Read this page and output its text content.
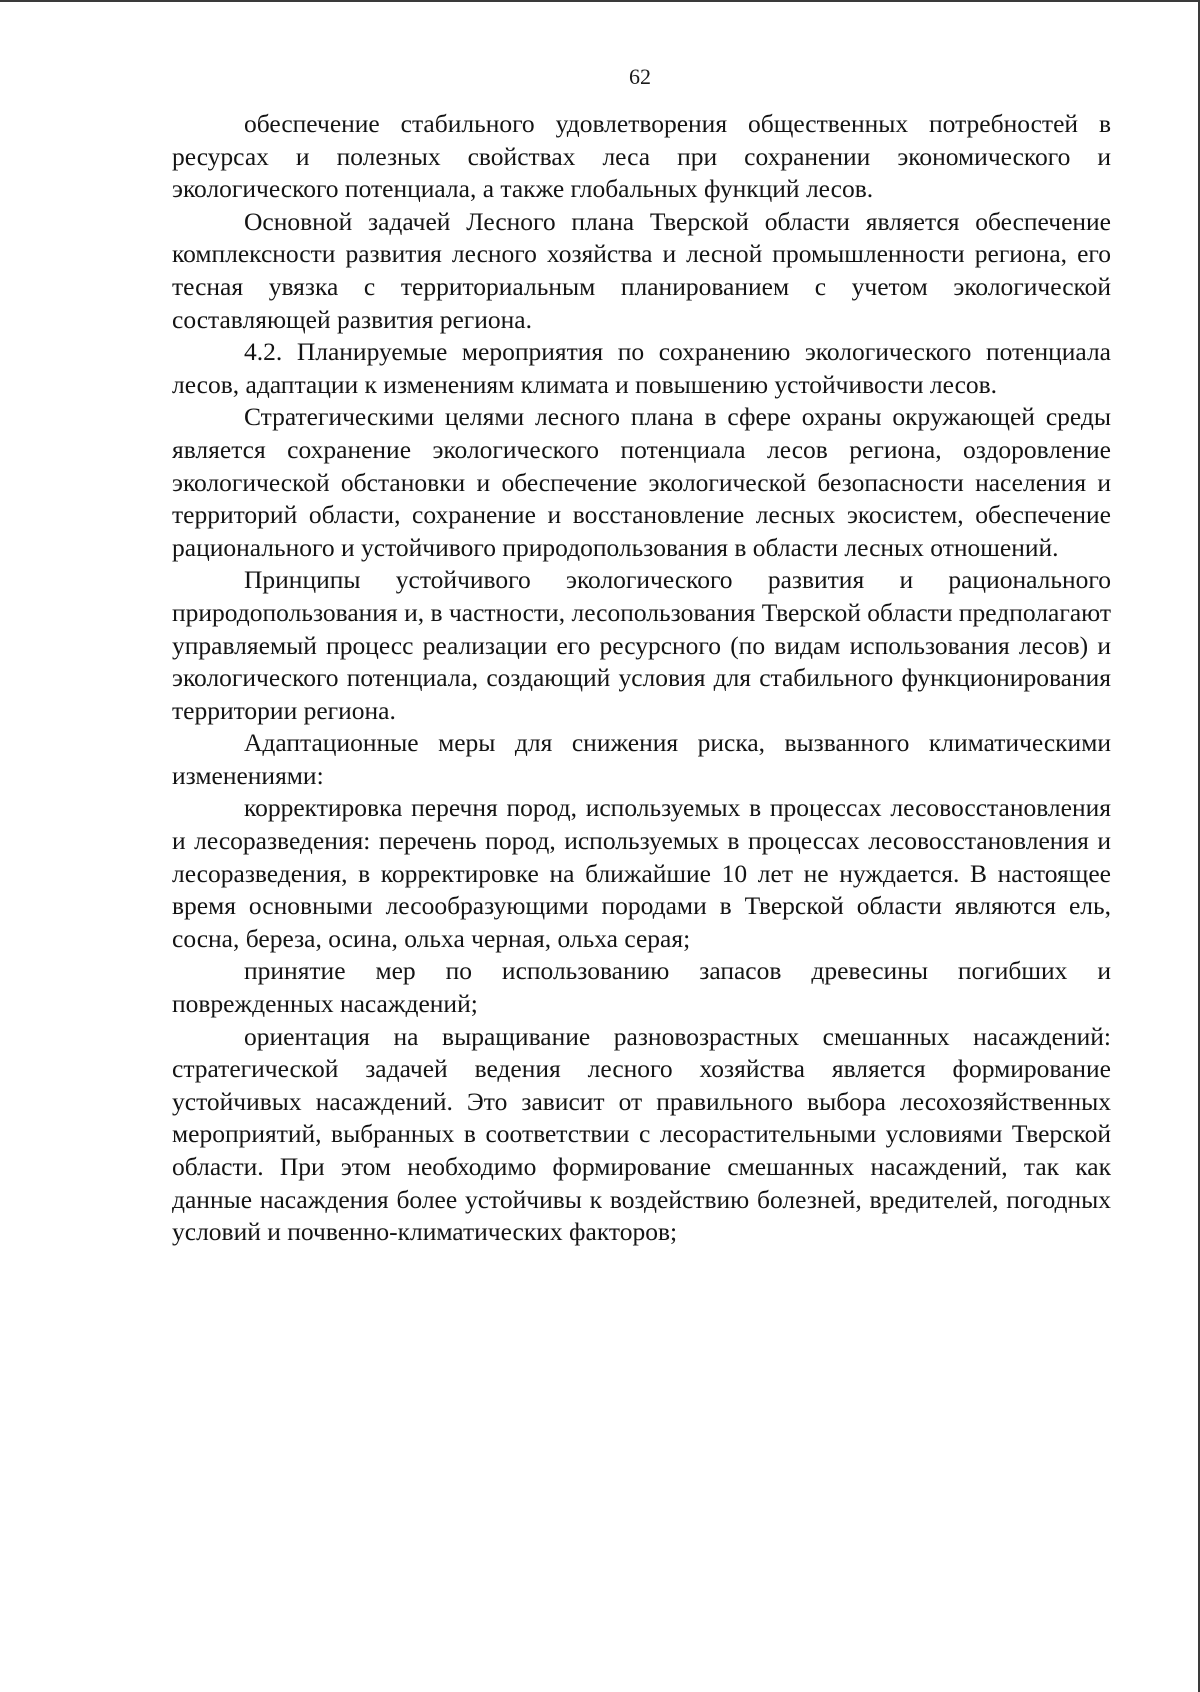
62

обеспечение стабильного удовлетворения общественных потребностей в ресурсах и полезных свойствах леса при сохранении экономического и экологического потенциала, а также глобальных функций лесов.

Основной задачей Лесного плана Тверской области является обеспечение комплексности развития лесного хозяйства и лесной промышленности региона, его тесная увязка с территориальным планированием с учетом экологической составляющей развития региона.

4.2. Планируемые мероприятия по сохранению экологического потенциала лесов, адаптации к изменениям климата и повышению устойчивости лесов.

Стратегическими целями лесного плана в сфере охраны окружающей среды является сохранение экологического потенциала лесов региона, оздоровление экологической обстановки и обеспечение экологической безопасности населения и территорий области, сохранение и восстановление лесных экосистем, обеспечение рационального и устойчивого природопользования в области лесных отношений.

Принципы устойчивого экологического развития и рационального природопользования и, в частности, лесопользования Тверской области предполагают управляемый процесс реализации его ресурсного (по видам использования лесов) и экологического потенциала, создающий условия для стабильного функционирования территории региона.

Адаптационные меры для снижения риска, вызванного климатическими изменениями:

корректировка перечня пород, используемых в процессах лесовосстановления и лесоразведения: перечень пород, используемых в процессах лесовосстановления и лесоразведения, в корректировке на ближайшие 10 лет не нуждается. В настоящее время основными лесообразующими породами в Тверской области являются ель, сосна, береза, осина, ольха черная, ольха серая;

принятие мер по использованию запасов древесины погибших и поврежденных насаждений;

ориентация на выращивание разновозрастных смешанных насаждений: стратегической задачей ведения лесного хозяйства является формирование устойчивых насаждений. Это зависит от правильного выбора лесохозяйственных мероприятий, выбранных в соответствии с лесорастительными условиями Тверской области. При этом необходимо формирование смешанных насаждений, так как данные насаждения более устойчивы к воздействию болезней, вредителей, погодных условий и почвенно-климатических факторов;
